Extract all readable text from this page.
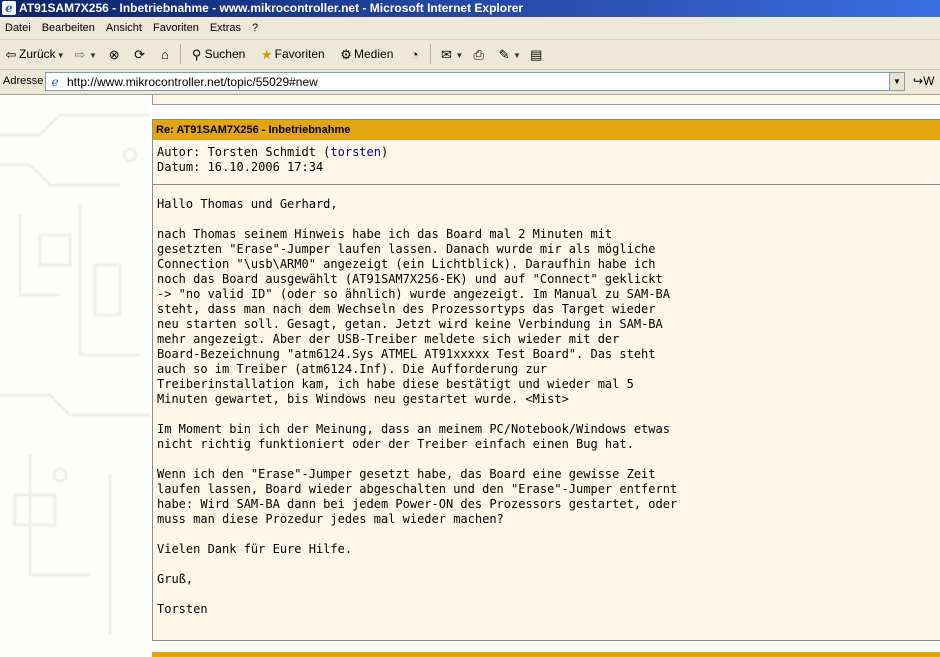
e AT91SAM7X256 - Inbetriebnahme - www.mikrocontroller.net - Microsoft Internet Explorer
Datei Bearbeiten Ansicht Favoriten Extras ?
⇦ Zurück▼ ⇨ ▼ ⊗ ⟳ ⌂ ⚲ Suchen ★ Favoriten ⚙ Medien ◔ ✉ ▼ ⎙ ✎ ▼ ▤
Adresse e http://www.mikrocontroller.net/topic/55029#new	▼	↪W
Re: AT91SAM7X256 - Inbetriebnahme
Autor: Torsten Schmidt (torsten)
Datum: 16.10.2006 17:34
Hallo Thomas und Gerhard,

nach Thomas seinem Hinweis habe ich das Board mal 2 Minuten mit
gesetzten "Erase"-Jumper laufen lassen. Danach wurde mir als mögliche
Connection "\usb\ARM0" angezeigt (ein Lichtblick). Daraufhin habe ich
noch das Board ausgewählt (AT91SAM7X256-EK) und auf "Connect" geklickt
-> "no valid ID" (oder so ähnlich) wurde angezeigt. Im Manual zu SAM-BA
steht, dass man nach dem Wechseln des Prozessortyps das Target wieder
neu starten soll. Gesagt, getan. Jetzt wird keine Verbindung in SAM-BA
mehr angezeigt. Aber der USB-Treiber meldete sich wieder mit der
Board-Bezeichnung "atm6124.Sys ATMEL AT91xxxxx Test Board". Das steht
auch so im Treiber (atm6124.Inf). Die Aufforderung zur
Treiberinstallation kam, ich habe diese bestätigt und wieder mal 5
Minuten gewartet, bis Windows neu gestartet wurde. <Mist>

Im Moment bin ich der Meinung, dass an meinem PC/Notebook/Windows etwas
nicht richtig funktioniert oder der Treiber einfach einen Bug hat.

Wenn ich den "Erase"-Jumper gesetzt habe, das Board eine gewisse Zeit
laufen lassen, Board wieder abgeschalten und den "Erase"-Jumper entfernt
habe: Wird SAM-BA dann bei jedem Power-ON des Prozessors gestartet, oder
muss man diese Prozedur jedes mal wieder machen?

Vielen Dank für Eure Hilfe.

Gruß,

Torsten
